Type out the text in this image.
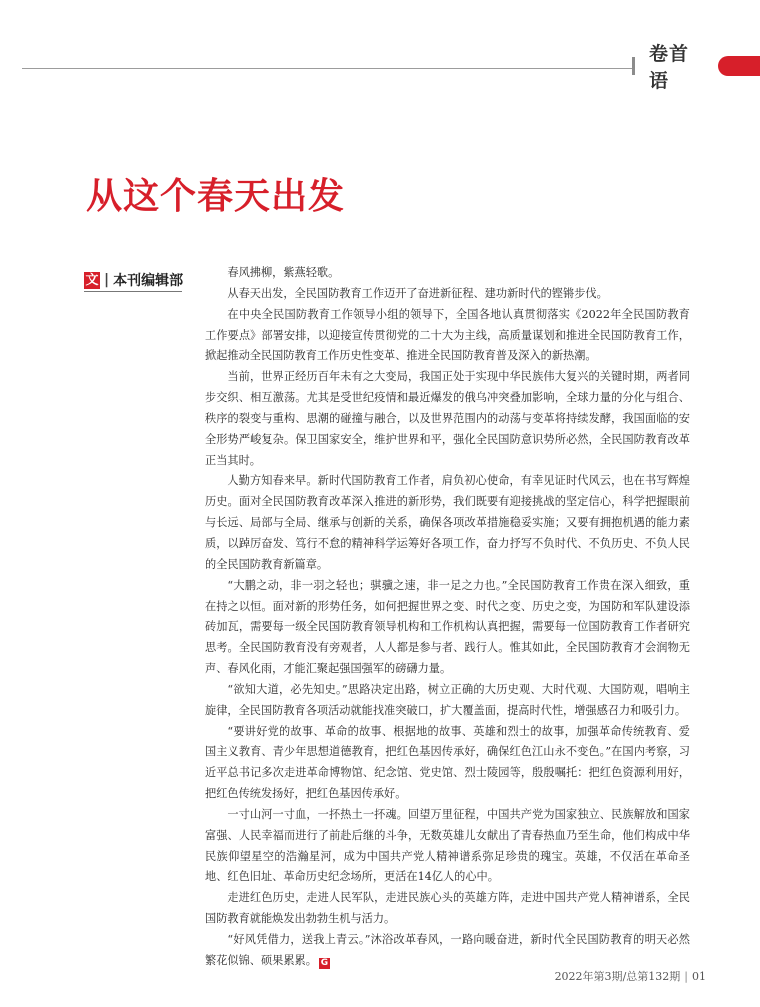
卷首语
从这个春天出发
文 | 本刊编辑部

春风拂柳，紫燕轻歌。

从春天出发，全民国防教育工作迈开了奋进新征程、建功新时代的铿锵步伐。

在中央全民国防教育工作领导小组的领导下，全国各地认真贯彻落实《2022年全民国防教育工作要点》部署安排，以迎接宣传贯彻党的二十大为主线，高质量谋划和推进全民国防教育工作，掀起推动全民国防教育工作历史性变革、推进全民国防教育普及深入的新热潮。

当前，世界正经历百年未有之大变局，我国正处于实现中华民族伟大复兴的关键时期，两者同步交织、相互激荡。尤其是受世纪疫情和最近爆发的俄乌冲突叠加影响，全球力量的分化与组合、秩序的裂变与重构、思潮的碰撞与融合，以及世界范围内的动荡与变革将持续发酵，我国面临的安全形势严峻复杂。保卫国家安全，维护世界和平，强化全民国防意识势所必然，全民国防教育改革正当其时。

人勤方知春来早。新时代国防教育工作者，肩负初心使命，有幸见证时代风云，也在书写辉煌历史。面对全民国防教育改革深入推进的新形势，我们既要有迎接挑战的坚定信心，科学把握眼前与长远、局部与全局、继承与创新的关系，确保各项改革措施稳妥实施；又要有拥抱机遇的能力素质，以踔厉奋发、笃行不怠的精神科学运筹好各项工作，奋力抒写不负时代、不负历史、不负人民的全民国防教育新篇章。

“大鹏之动，非一羽之轻也；骐骥之速，非一足之力也。”全民国防教育工作贵在深入细致，重在持之以恒。面对新的形势任务，如何把握世界之变、时代之变、历史之变，为国防和军队建设添砖加瓦，需要每一级全民国防教育领导机构和工作机构认真把握，需要每一位国防教育工作者研究思考。全民国防教育没有旁观者，人人都是参与者、践行人。惟其如此，全民国防教育才会润物无声、春风化雨，才能汇聚起强国强军的磅礴力量。

“欲知大道，必先知史。”思路决定出路，树立正确的大历史观、大时代观、大国防观，唱响主旋律，全民国防教育各项活动就能找准突破口，扩大覆盖面，提高时代性，增强感召力和吸引力。

“要讲好党的故事、革命的故事、根据地的故事、英雄和烈士的故事，加强革命传统教育、爱国主义教育、青少年思想道德教育，把红色基因传承好，确保红色江山永不变色。”在国内考察，习近平总书记多次走进革命博物馆、纪念馆、党史馆、烈士陵园等，殷殷嘱托：把红色资源利用好，把红色传统发扬好，把红色基因传承好。

一寸山河一寸血，一抔热土一抔魂。回望万里征程，中国共产党为国家独立、民族解放和国家富强、人民幸福而进行了前赴后继的斗争，无数英雄儿女献出了青春热血乃至生命，他们构成中华民族仰望星空的浩瀚星河，成为中国共产党人精神谱系弥足珍贵的瑰宝。英雄，不仅活在革命圣地、红色旧址、革命历史纪念场所，更活在14亿人的心中。

走进红色历史，走进人民军队，走进民族心头的英雄方阵，走进中国共产党人精神谱系，全民国防教育就能焕发出勃勃生机与活力。

“好风凭借力，送我上青云。”沐浴改革春风，一路向暖奋进，新时代全民国防教育的明天必然繁花似锦、硕果累累。 G

2022年第3期/总第132期 | 01
